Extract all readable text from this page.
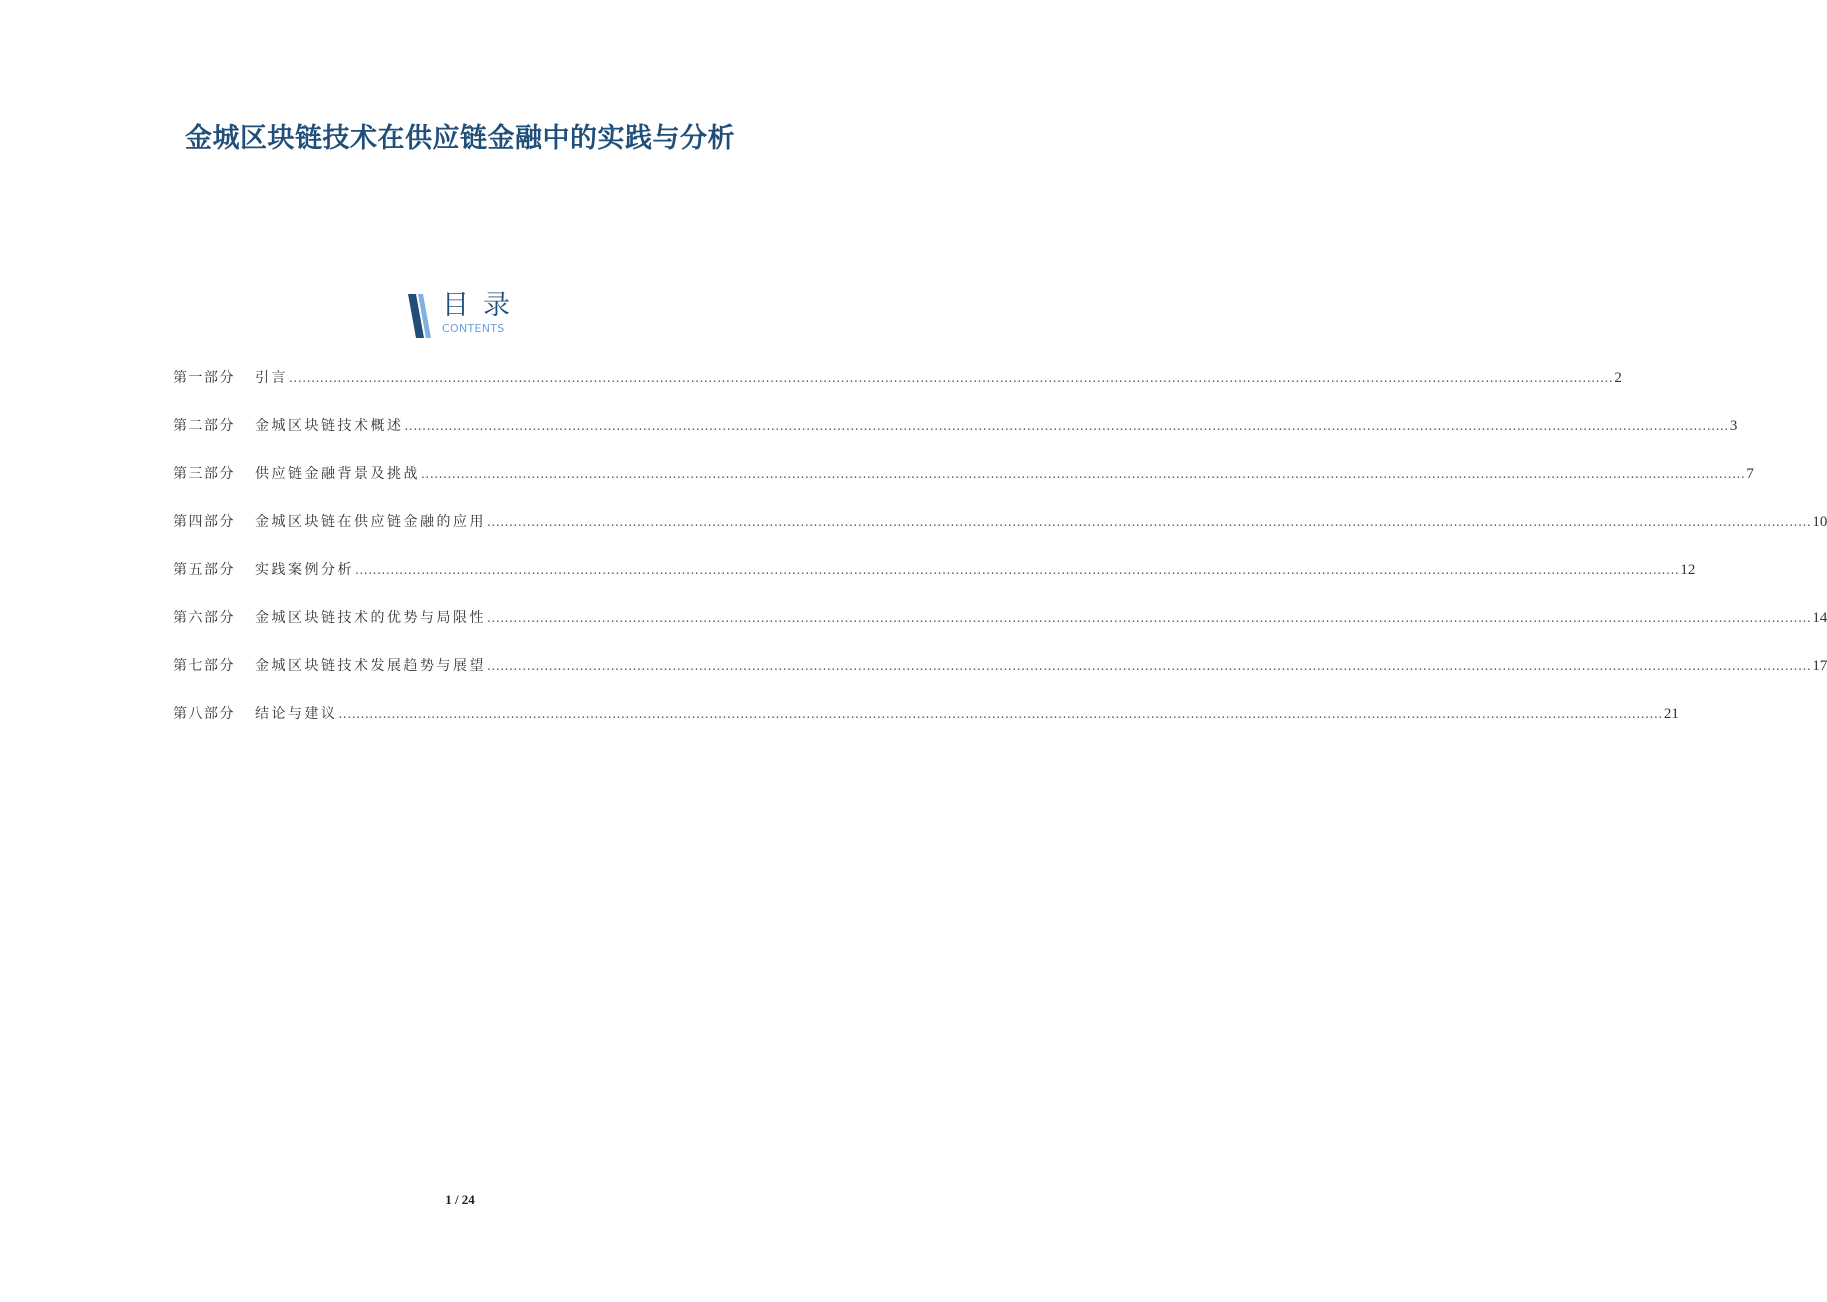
金城区块链技术在供应链金融中的实践与分析
目录
CONTENTS
第一部分	引言 ............................................................................................................................................................................................................................................................................................................ 2
第二部分	金城区块链技术概述 ............................................................................................................................................................................................................................................................................................................ 3
第三部分	供应链金融背景及挑战 ............................................................................................................................................................................................................................................................................................................ 7
第四部分	金城区块链在供应链金融的应用 ............................................................................................................................................................................................................................................................................................................ 10
第五部分	实践案例分析 ............................................................................................................................................................................................................................................................................................................ 12
第六部分	金城区块链技术的优势与局限性 ............................................................................................................................................................................................................................................................................................................ 14
第七部分	金城区块链技术发展趋势与展望 ............................................................................................................................................................................................................................................................................................................ 17
第八部分	结论与建议 ............................................................................................................................................................................................................................................................................................................ 21
1 / 24
